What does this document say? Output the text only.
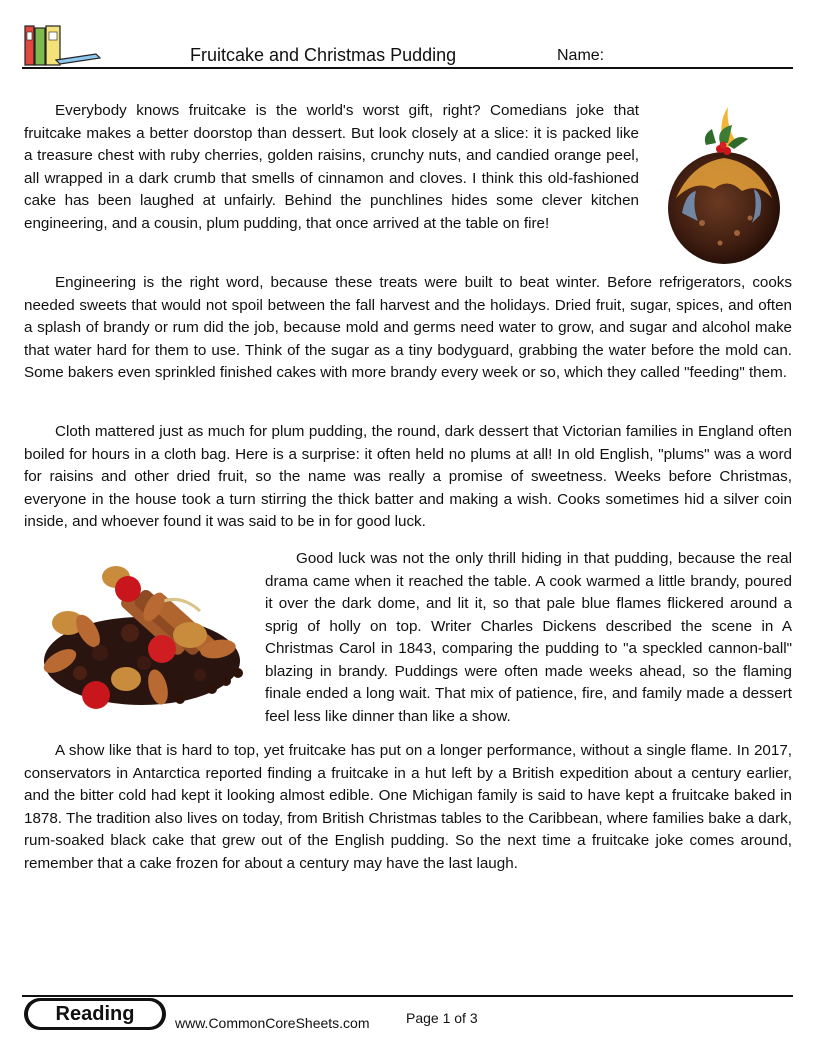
Fruitcake and Christmas Pudding	Name:

Everybody knows fruitcake is the world's worst gift, right? Comedians joke that fruitcake makes a better doorstop than dessert. But look closely at a slice: it is packed like a treasure chest with ruby cherries, golden raisins, crunchy nuts, and candied orange peel, all wrapped in a dark crumb that smells of cinnamon and cloves. I think this old-fashioned cake has been laughed at unfairly. Behind the punchlines hides some clever kitchen engineering, and a cousin, plum pudding, that once arrived at the table on fire!

Engineering is the right word, because these treats were built to beat winter. Before refrigerators, cooks needed sweets that would not spoil between the fall harvest and the holidays. Dried fruit, sugar, spices, and often a splash of brandy or rum did the job, because mold and germs need water to grow, and sugar and alcohol make that water hard for them to use. Think of the sugar as a tiny bodyguard, grabbing the water before the mold can. Some bakers even sprinkled finished cakes with more brandy every week or so, which they called "feeding" them.

Cloth mattered just as much for plum pudding, the round, dark dessert that Victorian families in England often boiled for hours in a cloth bag. Here is a surprise: it often held no plums at all! In old English, "plums" was a word for raisins and other dried fruit, so the name was really a promise of sweetness. Weeks before Christmas, everyone in the house took a turn stirring the thick batter and making a wish. Cooks sometimes hid a silver coin inside, and whoever found it was said to be in for good luck.

Good luck was not the only thrill hiding in that pudding, because the real drama came when it reached the table. A cook warmed a little brandy, poured it over the dark dome, and lit it, so that pale blue flames flickered around a sprig of holly on top. Writer Charles Dickens described the scene in A Christmas Carol in 1843, comparing the pudding to "a speckled cannon-ball" blazing in brandy. Puddings were often made weeks ahead, so the flaming finale ended a long wait. That mix of patience, fire, and family made a dessert feel less like dinner than like a show.

A show like that is hard to top, yet fruitcake has put on a longer performance, without a single flame. In 2017, conservators in Antarctica reported finding a fruitcake in a hut left by a British expedition about a century earlier, and the bitter cold had kept it looking almost edible. One Michigan family is said to have kept a fruitcake baked in 1878. The tradition also lives on today, from British Christmas tables to the Caribbean, where families bake a dark, rum-soaked black cake that grew out of the English pudding. So the next time a fruitcake joke comes around, remember that a cake frozen for about a century may have the last laugh.

Reading	www.CommonCoreSheets.com	Page 1 of 3
